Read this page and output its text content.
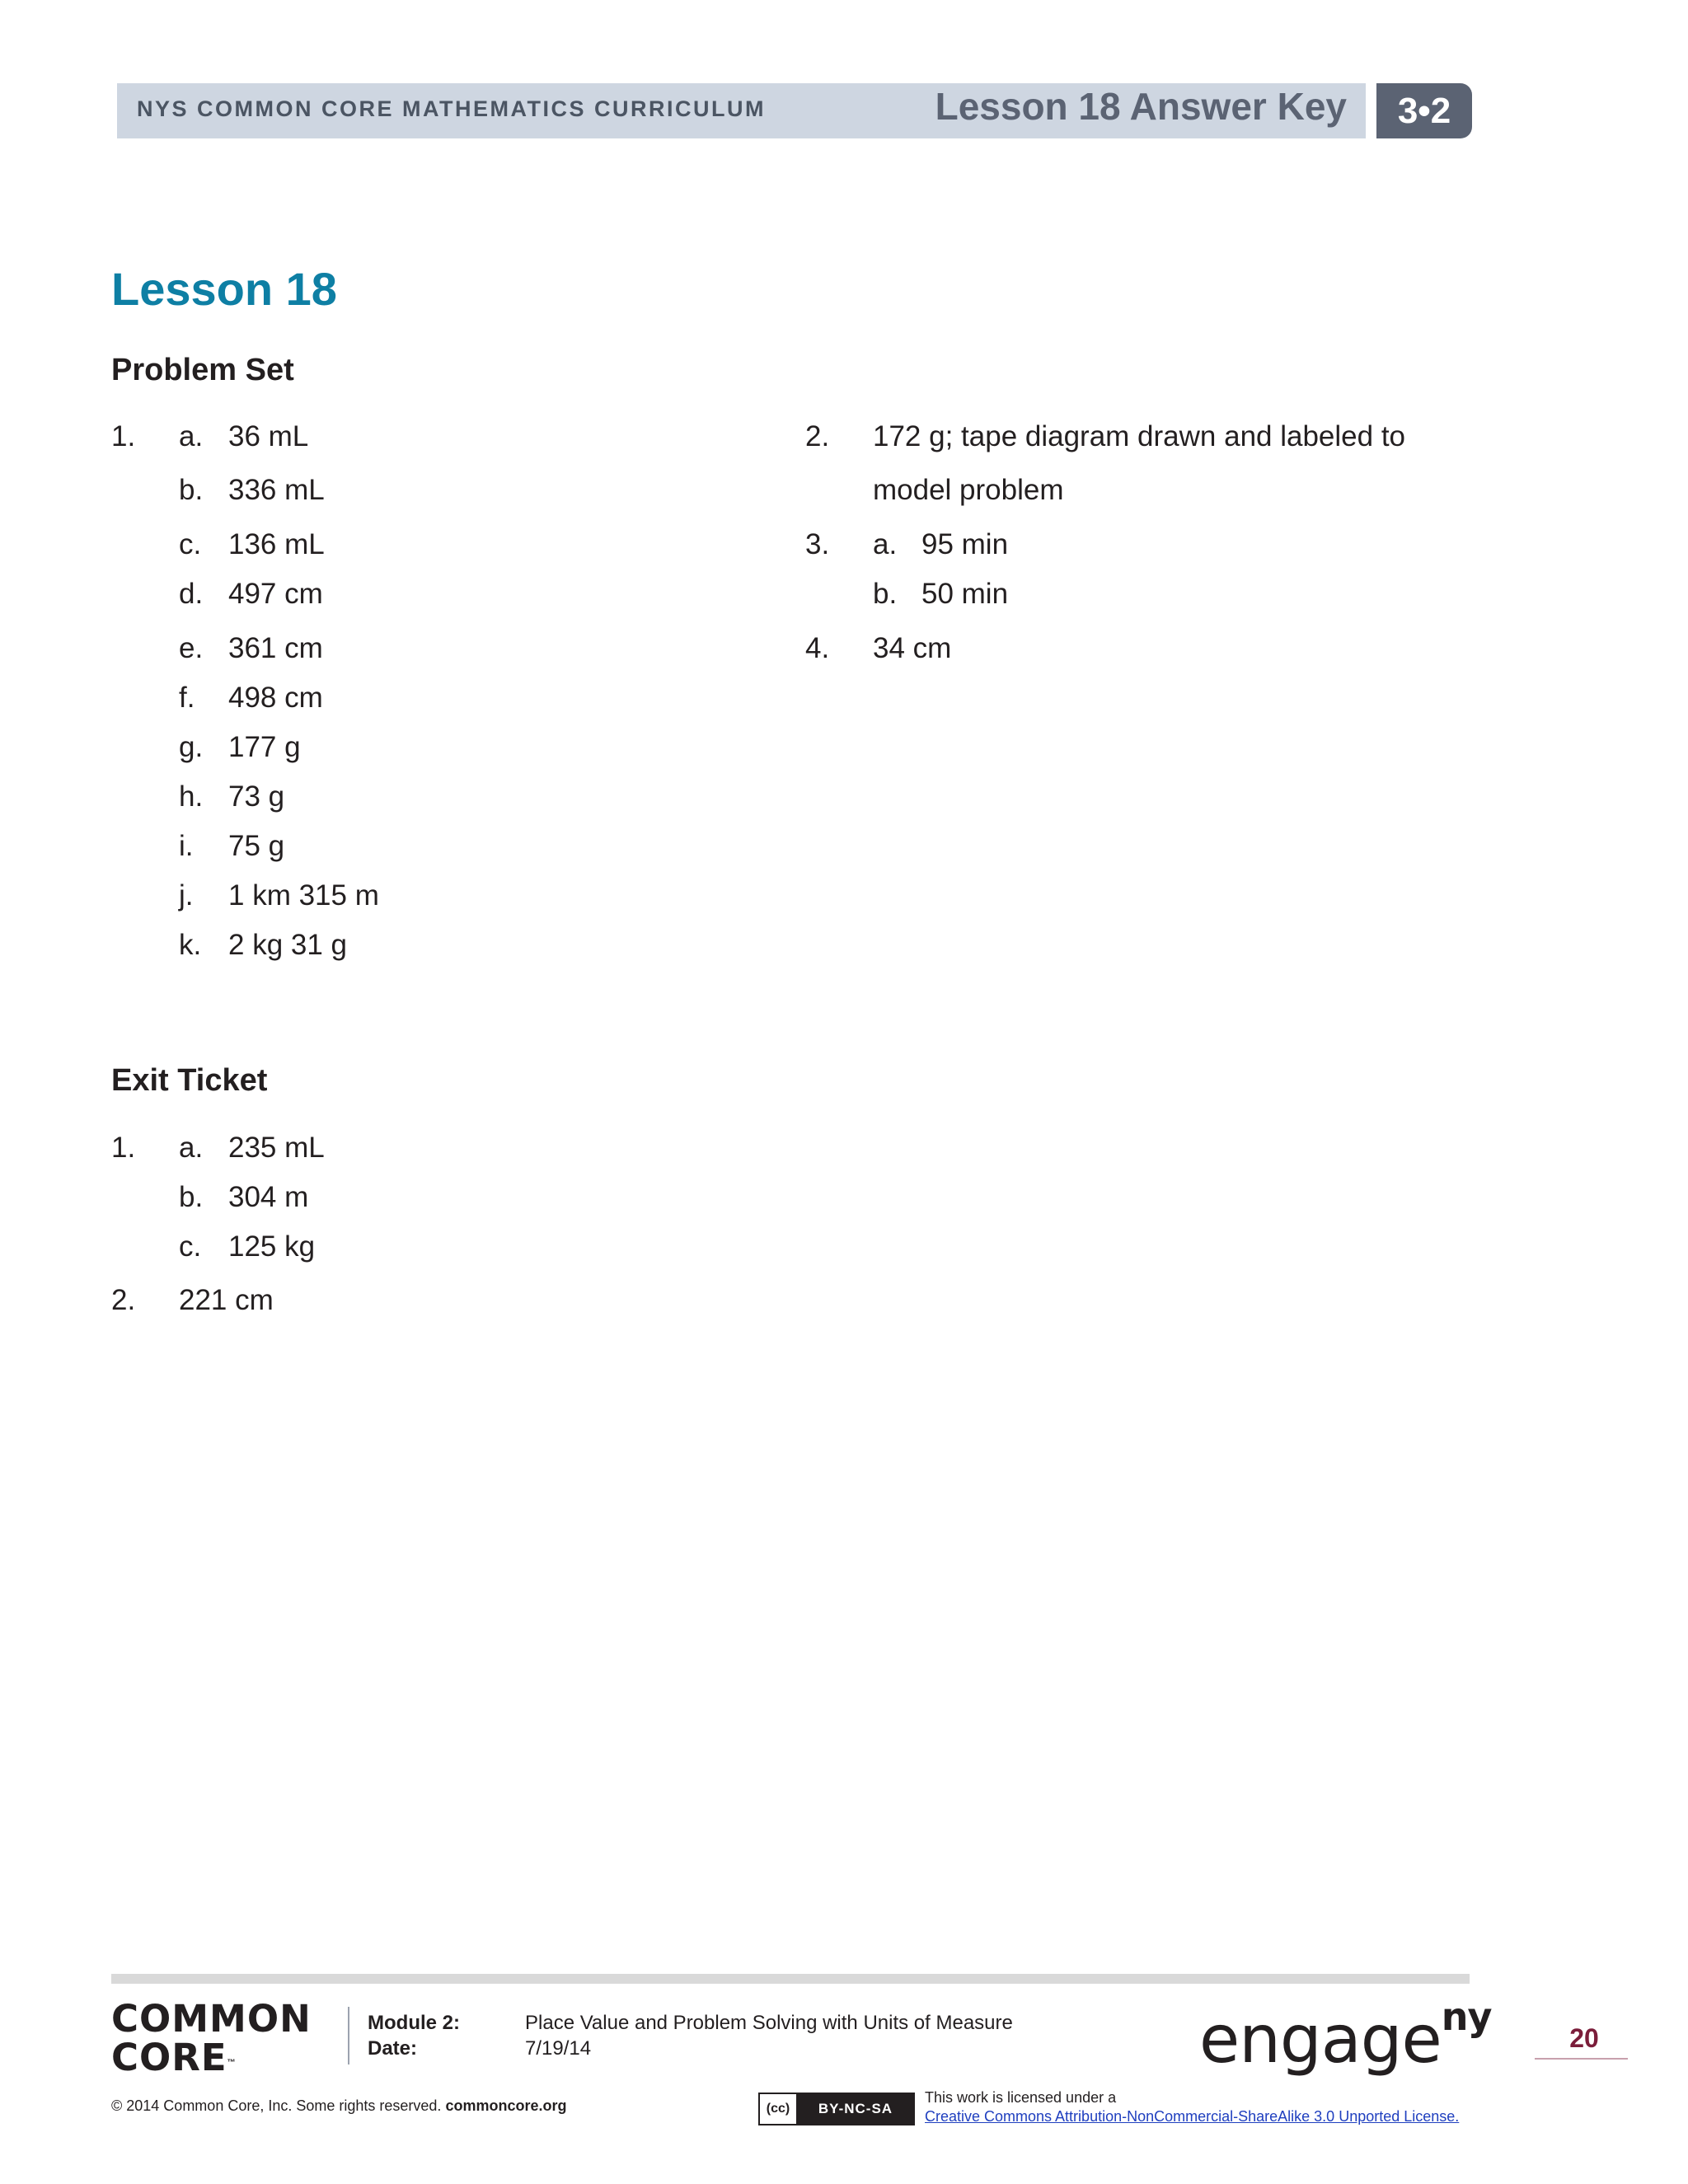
NYS COMMON CORE MATHEMATICS CURRICULUM	Lesson 18 Answer Key	3•2
Lesson 18
Problem Set
1. a. 36 mL
b. 336 mL
c. 136 mL
d. 497 cm
e. 361 cm
f. 498 cm
g. 177 g
h. 73 g
i. 75 g
j. 1 km 315 m
k. 2 kg 31 g
2. 172 g; tape diagram drawn and labeled to
model problem
3. a. 95 min
b. 50 min
4. 34 cm
Exit Ticket
1. a. 235 mL
b. 304 m
c. 125 kg
2. 221 cm
COMMON
CORE™
Module 2:	Place Value and Problem Solving with Units of Measure
Date:	7/19/14	engage$^{ny}$	20
© 2014 Common Core, Inc. Some rights reserved. commoncore.org	(cc)	BY-NC-SA
This work is licensed under a
Creative Commons Attribution-NonCommercial-ShareAlike 3.0 Unported License.
